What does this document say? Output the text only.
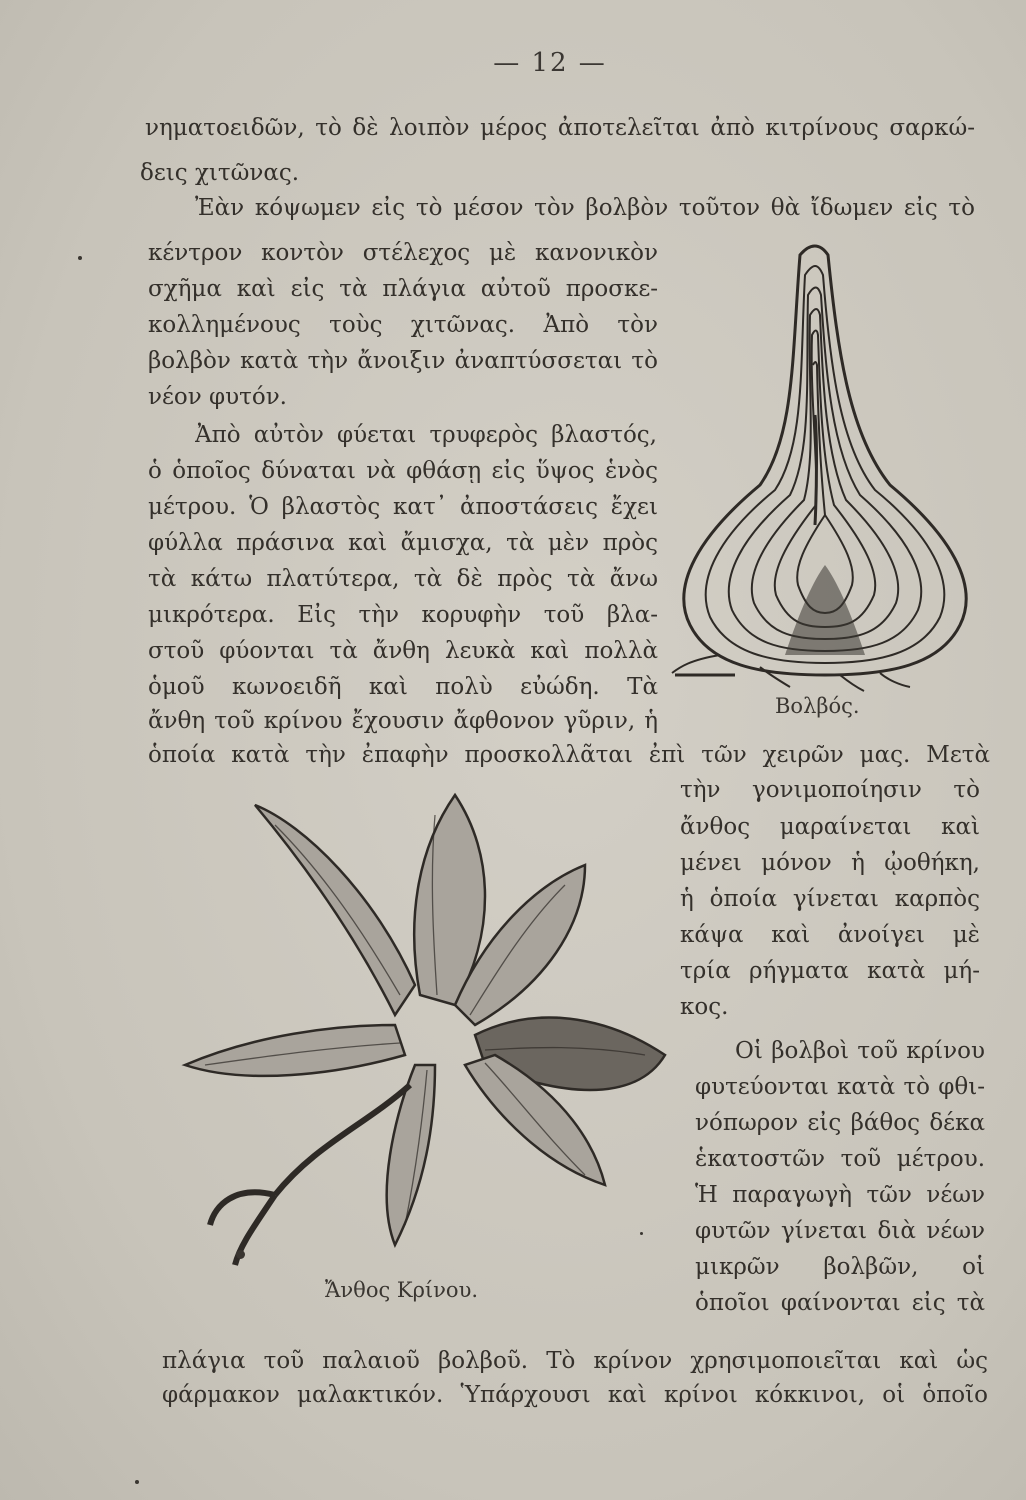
— 12 —
νηματοειδῶν, τὸ δὲ λοιπὸν μέρος ἀποτελεῖται ἀπὸ κιτρίνους σαρκώ-
δεις χιτῶνας.
Ἐὰν κόψωμεν εἰς τὸ μέσον τὸν βολβὸν τοῦτον θὰ ἴδωμεν εἰς τὸ
κέντρον κοντὸν στέλεχος μὲ κανονικὸν
σχῆμα καὶ εἰς τὰ πλάγια αὐτοῦ προσκε-
κολλημένους τοὺς χιτῶνας. Ἀπὸ τὸν
βολβὸν κατὰ τὴν ἄνοιξιν ἀναπτύσσεται τὸ
νέον φυτόν.
Ἀπὸ αὐτὸν φύεται τρυφερὸς βλαστός,
ὁ ὁποῖος δύναται νὰ φθάσῃ εἰς ὕψος ἑνὸς
μέτρου. Ὁ βλαστὸς κατ᾽ ἀποστάσεις ἔχει
φύλλα πράσινα καὶ ἄμισχα, τὰ μὲν πρὸς
τὰ κάτω πλατύτερα, τὰ δὲ πρὸς τὰ ἄνω
μικρότερα. Εἰς τὴν κορυφὴν τοῦ βλα-
στοῦ φύονται τὰ ἄνθη λευκὰ καὶ πολλὰ
ὁμοῦ κωνοειδῆ καὶ πολὺ εὐώδη. Τὰ
ἄνθη τοῦ κρίνου ἔχουσιν ἄφθονον γῦριν, ἡ
ὁποία κατὰ τὴν ἐπαφὴν προσκολλᾶται ἐπὶ τῶν χειρῶν μας. Μετὰ
τὴν γονιμοποίησιν τὸ
ἄνθος μαραίνεται καὶ
μένει μόνον ἡ ᾠοθήκη,
ἡ ὁποία γίνεται καρπὸς
κάψα καὶ ἀνοίγει μὲ
τρία ρήγματα κατὰ μή-
κος.
Οἱ βολβοὶ τοῦ κρίνου
φυτεύονται κατὰ τὸ φθι-
νόπωρον εἰς βάθος δέκα
ἑκατοστῶν τοῦ μέτρου.
Ἡ παραγωγὴ τῶν νέων
φυτῶν γίνεται διὰ νέων
μικρῶν βολβῶν, οἱ
ὁποῖοι φαίνονται εἰς τὰ
πλάγια τοῦ παλαιοῦ βολβοῦ. Τὸ κρίνον χρησιμοποιεῖται καὶ ὡς
φάρμακον μαλακτικόν. Ὑπάρχουσι καὶ κρίνοι κόκκινοι, οἱ ὁποῖο
Βολβός.
Ἄνθος Κρίνου.
